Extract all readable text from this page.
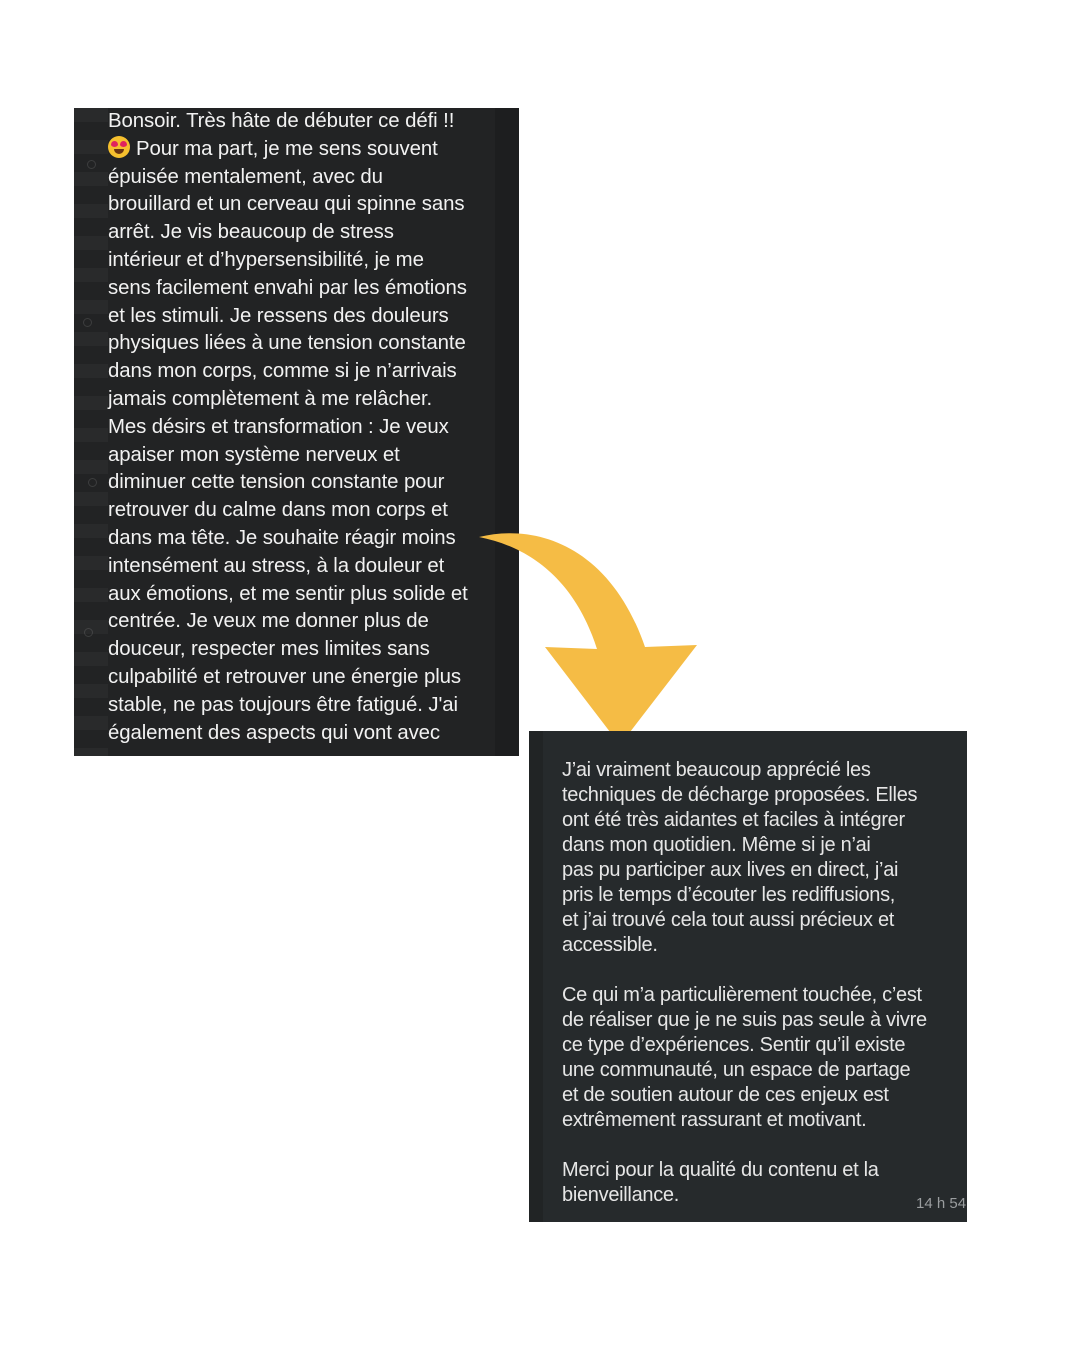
Bonsoir. Très hâte de débuter ce défi !!

Pour ma part, je me sens souvent
épuisée mentalement, avec du
brouillard et un cerveau qui spinne sans
arrêt. Je vis beaucoup de stress
intérieur et d’hypersensibilité, je me
sens facilement envahi par les émotions
et les stimuli. Je ressens des douleurs
physiques liées à une tension constante
dans mon corps, comme si je n’arrivais
jamais complètement à me relâcher.
Mes désirs et transformation : Je veux
apaiser mon système nerveux et
diminuer cette tension constante pour
retrouver du calme dans mon corps et
dans ma tête. Je souhaite réagir moins
intensément au stress, à la douleur et
aux émotions, et me sentir plus solide et
centrée. Je veux me donner plus de
douceur, respecter mes limites sans
culpabilité et retrouver une énergie plus
stable, ne pas toujours être fatigué. J'ai
également des aspects qui vont avec

J’ai vraiment beaucoup apprécié les
techniques de décharge proposées. Elles
ont été très aidantes et faciles à intégrer
dans mon quotidien. Même si je n’ai
pas pu participer aux lives en direct, j’ai
pris le temps d’écouter les rediffusions,
et j’ai trouvé cela tout aussi précieux et
accessible.

Ce qui m’a particulièrement touchée, c’est
de réaliser que je ne suis pas seule à vivre
ce type d’expériences. Sentir qu’il existe
une communauté, un espace de partage
et de soutien autour de ces enjeux est
extrêmement rassurant et motivant.

Merci pour la qualité du contenu et la
bienveillance.	14 h 54
